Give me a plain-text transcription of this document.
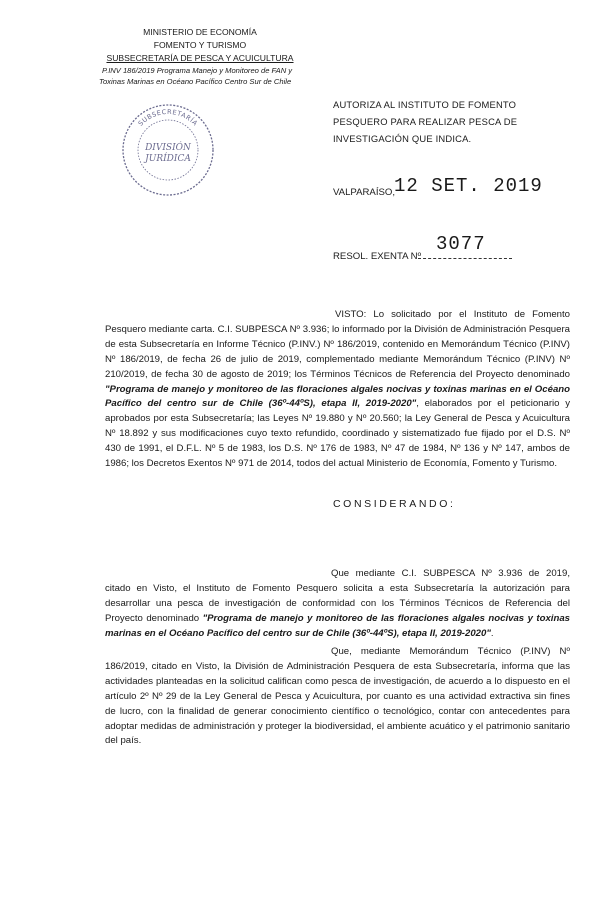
MINISTERIO DE ECONOMÍA
FOMENTO Y TURISMO
SUBSECRETARÍA DE PESCA Y ACUICULTURA
P.INV 186/2019 Programa Manejo y Monitoreo de FAN y
Toxinas Marinas en Océano Pacífico Centro Sur de Chile
SUBSECRETARÍA
DIVISIÓN
JURÍDICA
AUTORIZA AL INSTITUTO DE FOMENTO PESQUERO PARA REALIZAR PESCA DE INVESTIGACIÓN QUE INDICA.
VALPARAÍSO,
12 SET. 2019
RESOL. EXENTA Nº
3077
VISTO: Lo solicitado por el Instituto de Fomento Pesquero mediante carta. C.I. SUBPESCA Nº 3.936; lo informado por la División de Administración Pesquera de esta Subsecretaría en Informe Técnico (P.INV.) Nº 186/2019, contenido en Memorándum Técnico (P.INV) Nº 186/2019, de fecha 26 de julio de 2019, complementado mediante Memorándum Técnico (P.INV) Nº 210/2019, de fecha 30 de agosto de 2019; los Términos Técnicos de Referencia del Proyecto denominado "Programa de manejo y monitoreo de las floraciones algales nocivas y toxinas marinas en el Océano Pacífico del centro sur de Chile (36º-44ºS), etapa II, 2019-2020", elaborados por el peticionario y aprobados por esta Subsecretaría; las Leyes Nº 19.880 y Nº 20.560; la Ley General de Pesca y Acuicultura Nº 18.892 y sus modificaciones cuyo texto refundido, coordinado y sistematizado fue fijado por el D.S. Nº 430 de 1991, el D.F.L. Nº 5 de 1983, los D.S. Nº 176 de 1983, Nº 47 de 1984, Nº 136 y Nº 147, ambos de 1986; los Decretos Exentos Nº 971 de 2014, todos del actual Ministerio de Economía, Fomento y Turismo.
CONSIDERANDO:
Que mediante C.I. SUBPESCA Nº 3.936 de 2019, citado en Visto, el Instituto de Fomento Pesquero solicita a esta Subsecretaría la autorización para desarrollar una pesca de investigación de conformidad con los Términos Técnicos de Referencia del Proyecto denominado "Programa de manejo y monitoreo de las floraciones algales nocivas y toxinas marinas en el Océano Pacífico del centro sur de Chile (36º-44ºS), etapa II, 2019-2020".
Que, mediante Memorándum Técnico (P.INV) Nº 186/2019, citado en Visto, la División de Administración Pesquera de esta Subsecretaría, informa que las actividades planteadas en la solicitud califican como pesca de investigación, de acuerdo a lo dispuesto en el artículo 2º Nº 29 de la Ley General de Pesca y Acuicultura, por cuanto es una actividad extractiva sin fines de lucro, con la finalidad de generar conocimiento científico o tecnológico, contar con antecedentes para adoptar medidas de administración y proteger la biodiversidad, el ambiente acuático y el patrimonio sanitario del país.
